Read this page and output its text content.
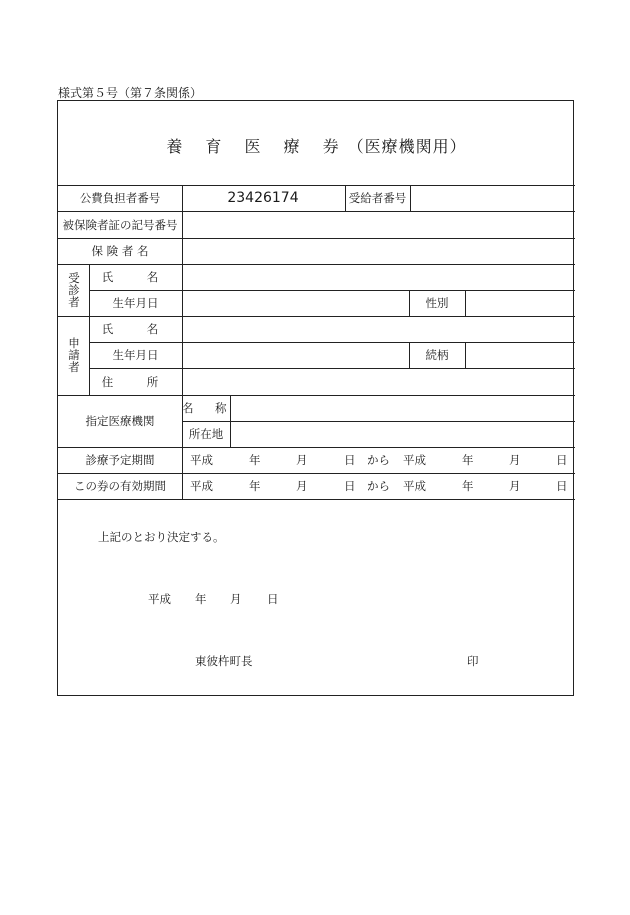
様式第５号（第７条関係）
養 育 医 療 券（医療機関用）
公費負担者番号	23426174	受給者番号
被保険者証の記号番号
保 険 者 名
受
診
者
氏　名
生年月日	性別
申
請
者
氏　名
生年月日	続柄
住　所
指定医療機関
名　称
所在地
診療予定期間	平成	年	月	日 から 平成	年	月	日
この券の有効期間	平成	年	月	日 から 平成	年	月	日
上記のとおり決定する。
平成 年 月 日
東彼杵町長	印
